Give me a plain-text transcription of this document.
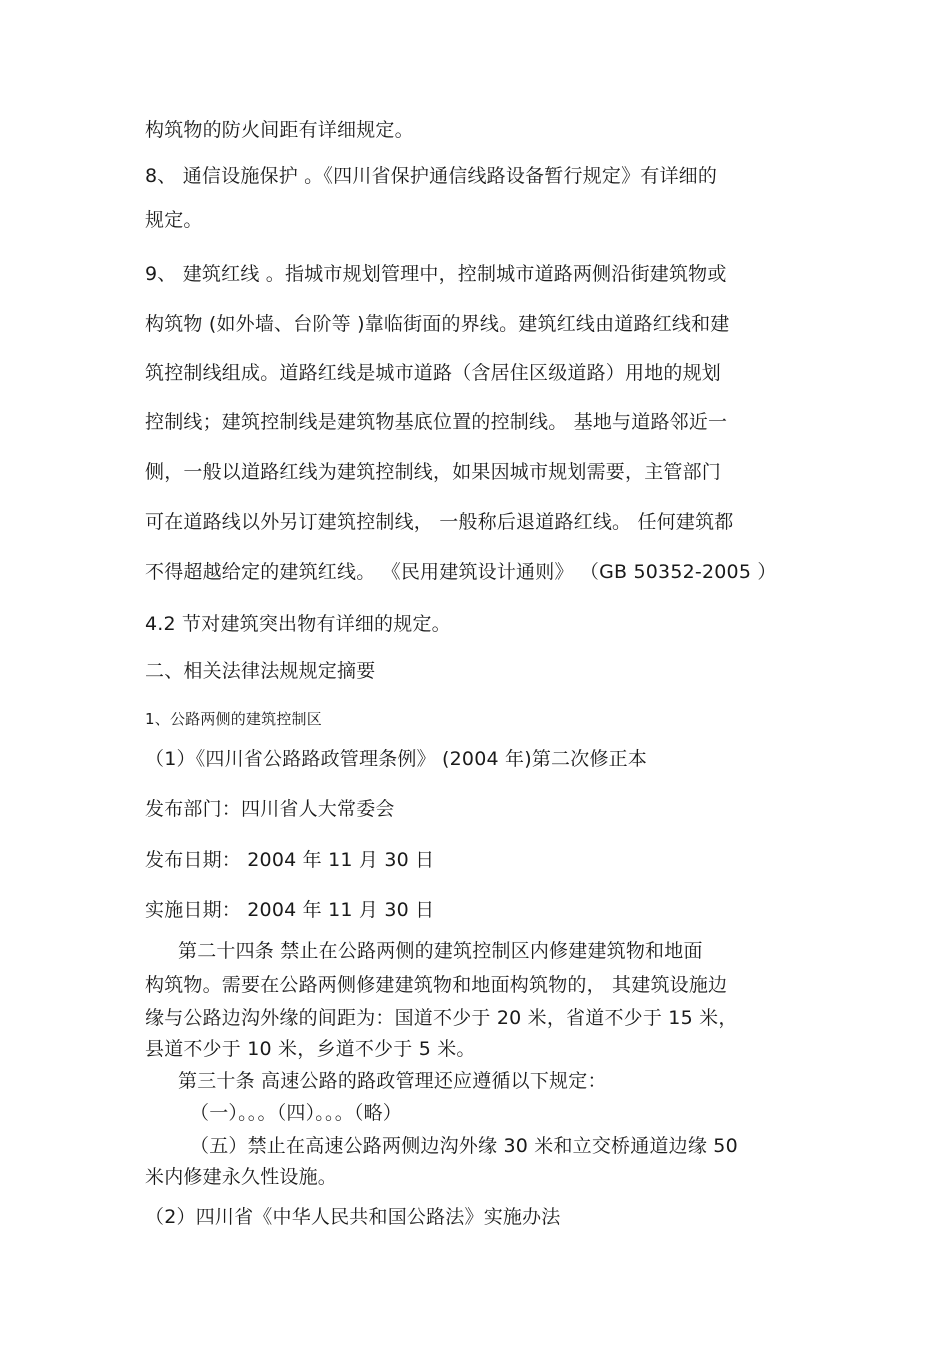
构筑物的防火间距有详细规定。
8、 通信设施保护 。《四川省保护通信线路设备暂行规定》有详细的
规定。
9、 建筑红线 。指城市规划管理中，控制城市道路两侧沿街建筑物或
构筑物 (如外墙、台阶等 )靠临街面的界线。建筑红线由道路红线和建
筑控制线组成。道路红线是城市道路（含居住区级道路）用地的规划
控制线；建筑控制线是建筑物基底位置的控制线。 基地与道路邻近一
侧，一般以道路红线为建筑控制线，如果因城市规划需要，主管部门
可在道路线以外另订建筑控制线， 一般称后退道路红线。 任何建筑都
不得超越给定的建筑红线。 《民用建筑设计通则》 （GB 50352-2005 ）
4.2 节对建筑突出物有详细的规定。
二、相关法律法规规定摘要
1、公路两侧的建筑控制区
（1）《四川省公路路政管理条例》 (2004 年)第二次修正本
发布部门：四川省人大常委会
发布日期： 2004 年 11 月 30 日
实施日期： 2004 年 11 月 30 日
第二十四条 禁止在公路两侧的建筑控制区内修建建筑物和地面
构筑物。需要在公路两侧修建建筑物和地面构筑物的， 其建筑设施边
缘与公路边沟外缘的间距为：国道不少于 20 米，省道不少于 15 米，
县道不少于 10 米，乡道不少于 5 米。
第三十条 高速公路的路政管理还应遵循以下规定：
（一）。。。（四）。。。（略）
（五）禁止在高速公路两侧边沟外缘 30 米和立交桥通道边缘 50
米内修建永久性设施。
（2）四川省《中华人民共和国公路法》实施办法
